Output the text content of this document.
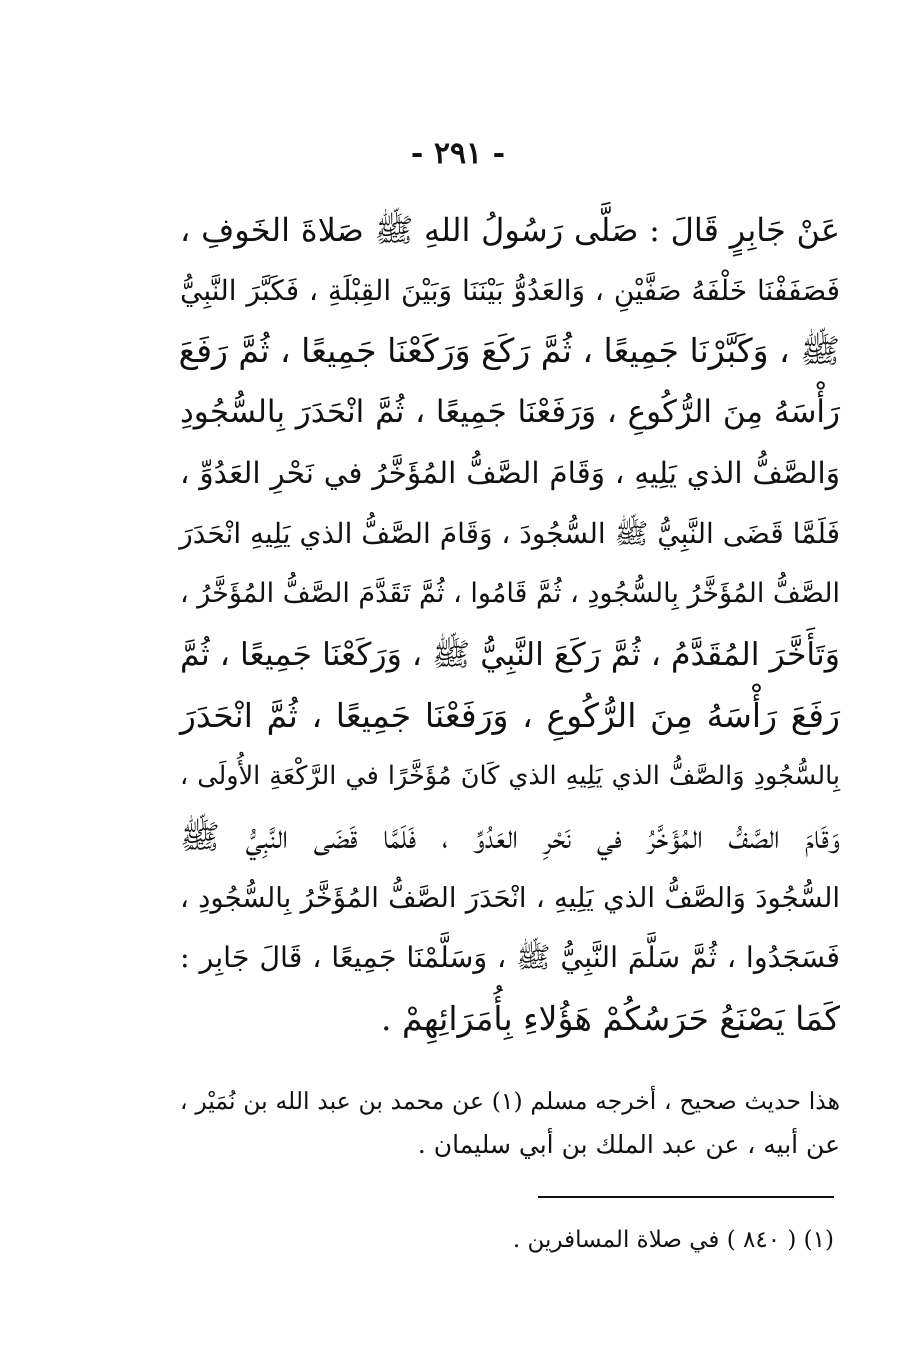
- ٢٩١ -
عَنْ جَابِرٍ قَالَ : صَلَّى رَسُولُ اللهِ ﷺ صَلاةَ الخَوفِ ،
فَصَفَفْنَا خَلْفَهُ صَفَّيْنِ ، وَالعَدُوُّ بَيْنَنَا وَبَيْنَ القِبْلَةِ ، فَكَبَّرَ النَّبِيُّ
ﷺ ، وَكَبَّرْنَا جَمِيعًا ، ثُمَّ رَكَعَ وَرَكَعْنَا جَمِيعًا ، ثُمَّ رَفَعَ
رَأْسَهُ مِنَ الرُّكُوعِ ، وَرَفَعْنَا جَمِيعًا ، ثُمَّ انْحَدَرَ بِالسُّجُودِ
وَالصَّفُّ الذي يَلِيهِ ، وَقَامَ الصَّفُّ المُؤَخَّرُ في نَحْرِ العَدُوِّ ،
فَلَمَّا قَضَى النَّبِيُّ ﷺ السُّجُودَ ، وَقَامَ الصَّفُّ الذي يَلِيهِ انْحَدَرَ
الصَّفُّ المُؤَخَّرُ بِالسُّجُودِ ، ثُمَّ قَامُوا ، ثُمَّ تَقَدَّمَ الصَّفُّ المُؤَخَّرُ ،
وَتَأَخَّرَ المُقَدَّمُ ، ثُمَّ رَكَعَ النَّبِيُّ ﷺ ، وَرَكَعْنَا جَمِيعًا ، ثُمَّ
رَفَعَ رَأْسَهُ مِنَ الرُّكُوعِ ، وَرَفَعْنَا جَمِيعًا ، ثُمَّ انْحَدَرَ
بِالسُّجُودِ وَالصَّفُّ الذي يَلِيهِ الذي كَانَ مُؤَخَّرًا في الرَّكْعَةِ الأُولَى ،
وَقَامَ الصَّفُّ المُؤَخَّرُ في نَحْرِ العَدُوِّ ، فَلَمَّا قَضَى النَّبِيُّ ﷺ
السُّجُودَ وَالصَّفُّ الذي يَلِيهِ ، انْحَدَرَ الصَّفُّ المُؤَخَّرُ بِالسُّجُودِ ،
فَسَجَدُوا ، ثُمَّ سَلَّمَ النَّبِيُّ ﷺ ، وَسَلَّمْنَا جَمِيعًا ، قَالَ جَابِر :
كَمَا يَصْنَعُ حَرَسُكُمْ هَؤُلاءِ بِأُمَرَائِهِمْ .
هذا حديث صحيح ، أخرجه مسلم (١) عن محمد بن عبد الله بن نُمَيْر ،
عن أبيه ، عن عبد الملك بن أبي سليمان .
(١) ( ٨٤٠ ) في صلاة المسافرين .
